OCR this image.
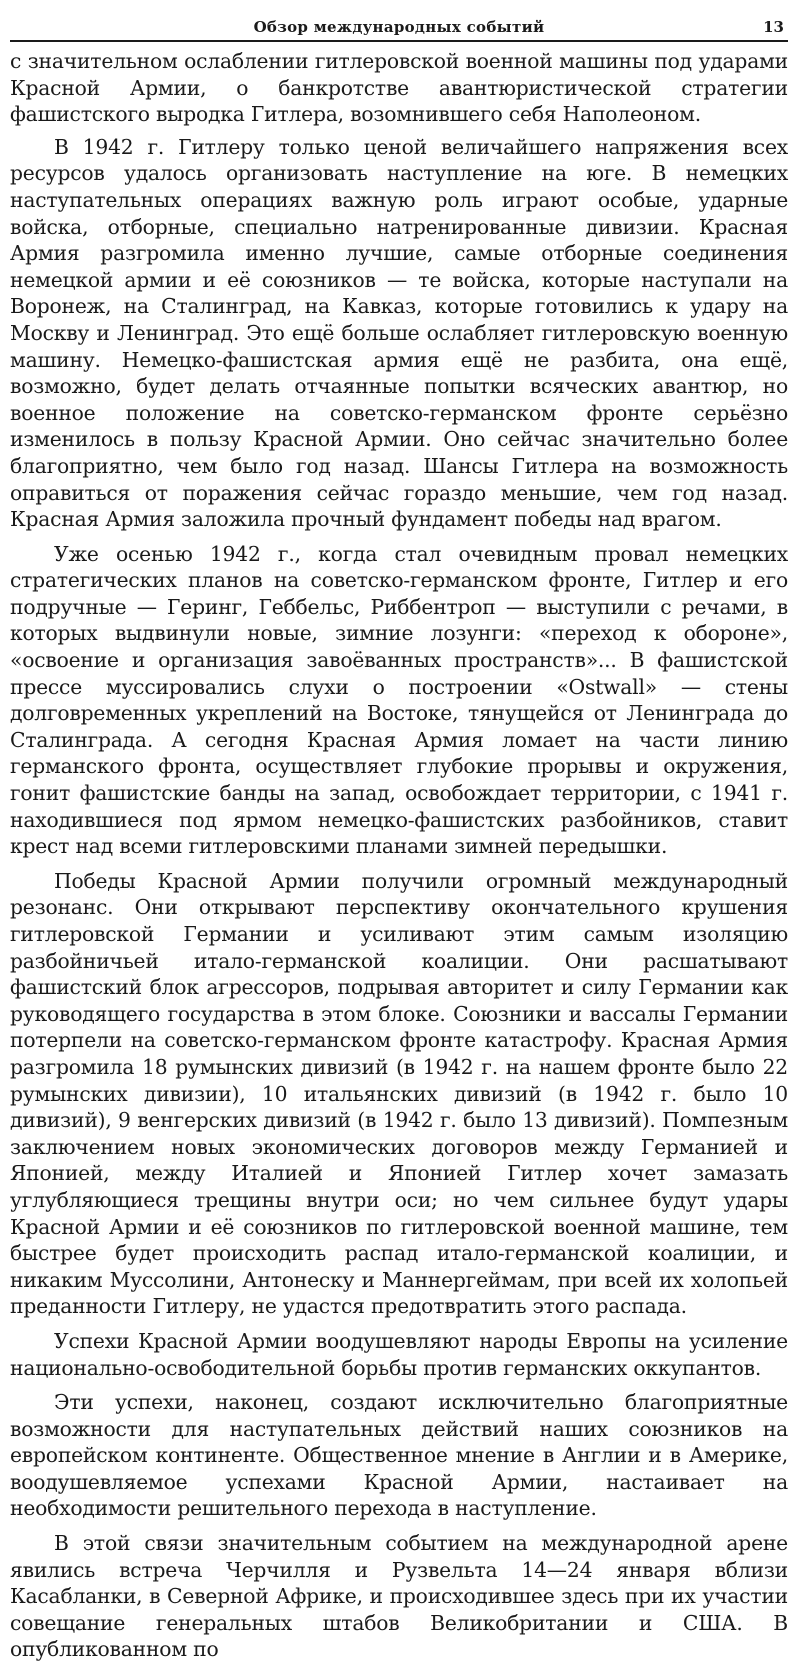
Обзор международных событий	13

с значительном ослаблении гитлеровской военной машины под ударами Красной Армии, о банкротстве авантюристической стратегии фашистского выродка Гитлера, возомнившего себя Наполеоном.

В 1942 г. Гитлеру только ценой величайшего напряжения всех ресурсов удалось организовать наступление на юге. В немецких наступательных операциях важную роль играют особые, ударные войска, отборные, специально натренированные дивизии. Красная Армия разгромила именно лучшие, самые отборные соединения немецкой армии и её союзников — те войска, которые наступали на Воронеж, на Сталинград, на Кавказ, которые готовились к удару на Москву и Ленинград. Это ещё больше ослабляет гитлеровскую военную машину. Немецко-фашистская армия ещё не разбита, она ещё, возможно, будет делать отчаянные попытки всяческих авантюр, но военное положение на советско-германском фронте серьёзно изменилось в пользу Красной Армии. Оно сейчас значительно более благоприятно, чем было год назад. Шансы Гитлера на возможность оправиться от поражения сейчас гораздо меньшие, чем год назад. Красная Армия заложила прочный фундамент победы над врагом.

Уже осенью 1942 г., когда стал очевидным провал немецких стратегических планов на советско-германском фронте, Гитлер и его подручные — Геринг, Геббельс, Риббентроп — выступили с речами, в которых выдвинули новые, зимние лозунги: «переход к обороне», «освоение и организация завоёванных пространств»... В фашистской прессе муссировались слухи о построении «Ostwall» — стены долговременных укреплений на Востоке, тянущейся от Ленинграда до Сталинграда. А сегодня Красная Армия ломает на части линию германского фронта, осуществляет глубокие прорывы и окружения, гонит фашистские банды на запад, освобождает территории, с 1941 г. находившиеся под ярмом немецко-фашистских разбойников, ставит крест над всеми гитлеровскими планами зимней передышки.

Победы Красной Армии получили огромный международный резонанс. Они открывают перспективу окончательного крушения гитлеровской Германии и усиливают этим самым изоляцию разбойничьей итало-германской коалиции. Они расшатывают фашистский блок агрессоров, подрывая авторитет и силу Германии как руководящего государства в этом блоке. Союзники и вассалы Германии потерпели на советско-германском фронте катастрофу. Красная Армия разгромила 18 румынских дивизий (в 1942 г. на нашем фронте было 22 румынских дивизии), 10 итальянских дивизий (в 1942 г. было 10 дивизий), 9 венгерских дивизий (в 1942 г. было 13 дивизий). Помпезным заключением новых экономических договоров между Германией и Японией, между Италией и Японией Гитлер хочет замазать углубляющиеся трещины внутри оси; но чем сильнее будут удары Красной Армии и её союзников по гитлеровской военной машине, тем быстрее будет происходить распад итало-германской коалиции, и никаким Муссолини, Антонеску и Маннергеймам, при всей их холопьей преданности Гитлеру, не удастся предотвратить этого распада.

Успехи Красной Армии воодушевляют народы Европы на усиление национально-освободительной борьбы против германских оккупантов.

Эти успехи, наконец, создают исключительно благоприятные возможности для наступательных действий наших союзников на европейском континенте. Общественное мнение в Англии и в Америке, воодушевляемое успехами Красной Армии, настаивает на необходимости решительного перехода в наступление.

В этой связи значительным событием на международной арене явились встреча Черчилля и Рузвельта 14—24 января вблизи Касабланки, в Северной Африке, и происходившее здесь при их участии совещание генеральных штабов Великобритании и США. В опубликованном по
